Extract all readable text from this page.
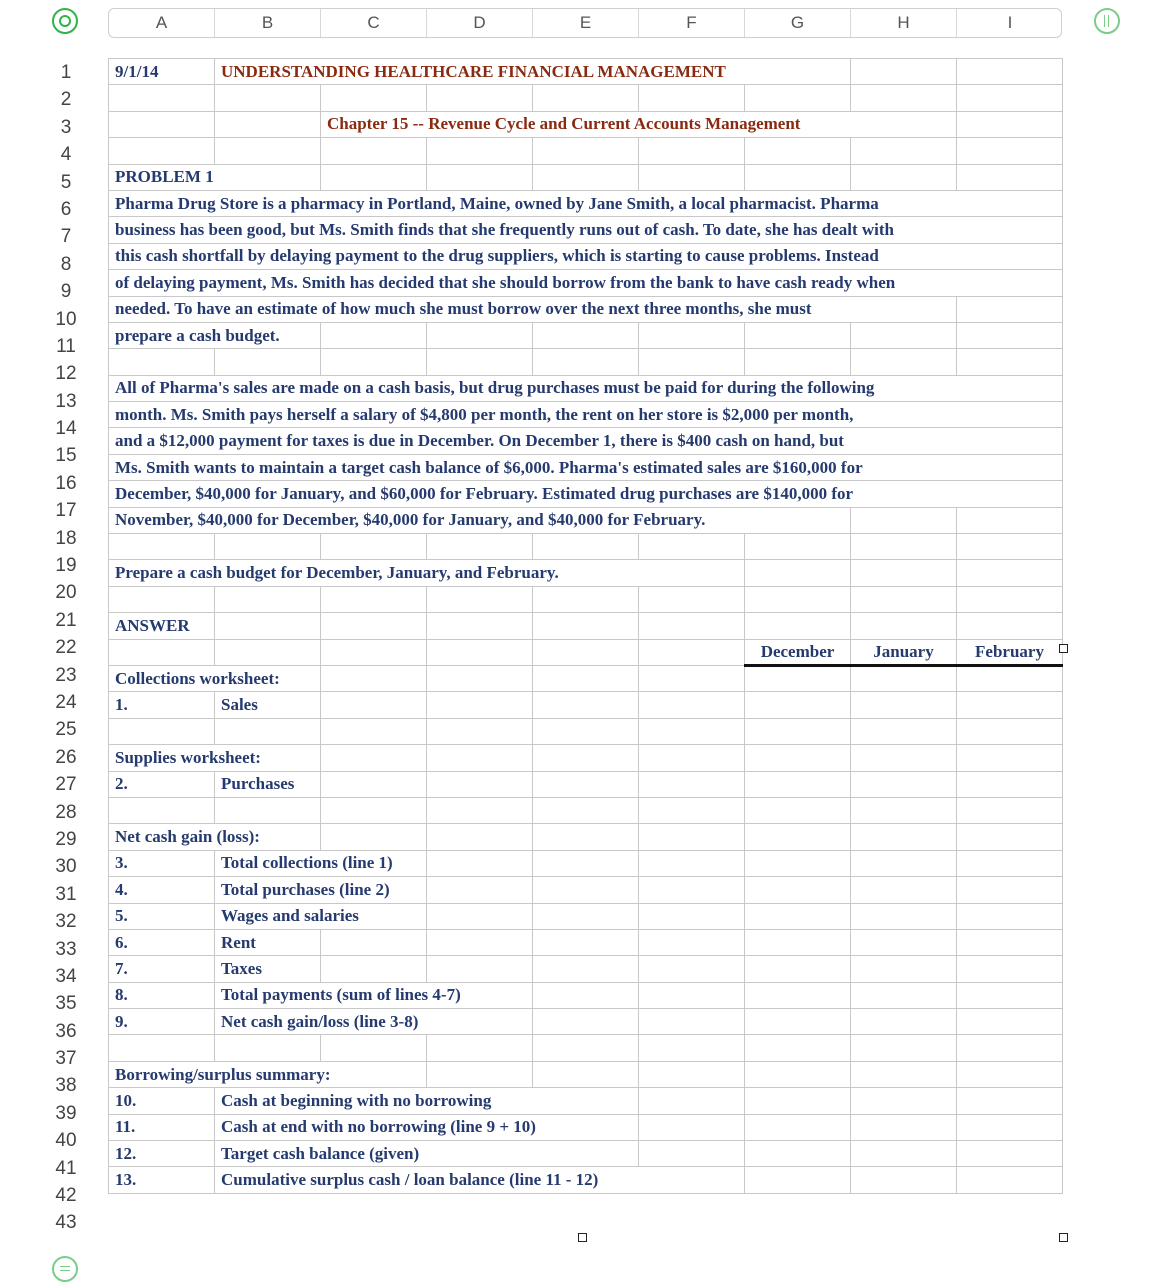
A	B	C	D	E	F	G	H	I
1
2
3
4
5
6
7
8
9
10
11
12
13
14
15
16
17
18
19
20
21
22
23
24
25
26
27
28
29
30
31
32
33
34
35
36
37
38
39
40
41
42
43
9/1/14	UNDERSTANDING HEALTHCARE FINANCIAL MANAGEMENT							

		Chapter 15 -- Revenue Cycle and Current Accounts Management						

PROBLEM 1								
Pharma Drug Store is a pharmacy in Portland, Maine, owned by Jane Smith, a local pharmacist. Pharma								
business has been good, but Ms. Smith finds that she frequently runs out of cash. To date, she has dealt with								
this cash shortfall by delaying payment to the drug suppliers, which is starting to cause problems. Instead								
of delaying payment, Ms. Smith has decided that she should borrow from the bank to have cash ready when								
needed. To have an estimate of how much she must borrow over the next three months, she must								
prepare a cash budget.								

All of Pharma's sales are made on a cash basis, but drug purchases must be paid for during the following								
month. Ms. Smith pays herself a salary of $4,800 per month, the rent on her store is $2,000 per month,								
and a $12,000 payment for taxes is due in December. On December 1, there is $400 cash on hand, but								
Ms. Smith wants to maintain a target cash balance of $6,000. Pharma's estimated sales are $160,000 for								
December, $40,000 for January, and $60,000 for February. Estimated drug purchases are $140,000 for								
November, $40,000 for December, $40,000 for January, and $40,000 for February.								

Prepare a cash budget for December, January, and February.								

ANSWER								
						December	January	February
Collections worksheet:								
1.	Sales							

Supplies worksheet:								
2.	Purchases							

Net cash gain (loss):								
3.	Total collections (line 1)							
4.	Total purchases (line 2)							
5.	Wages and salaries							
6.	Rent							
7.	Taxes							
8.	Total payments (sum of lines 4-7)							
9.	Net cash gain/loss (line 3-8)							

Borrowing/surplus summary:								
10.	Cash at beginning with no borrowing							
11.	Cash at end with no borrowing (line 9 + 10)							
12.	Target cash balance (given)							
13.	Cumulative surplus cash / loan balance (line 11 - 12)							
